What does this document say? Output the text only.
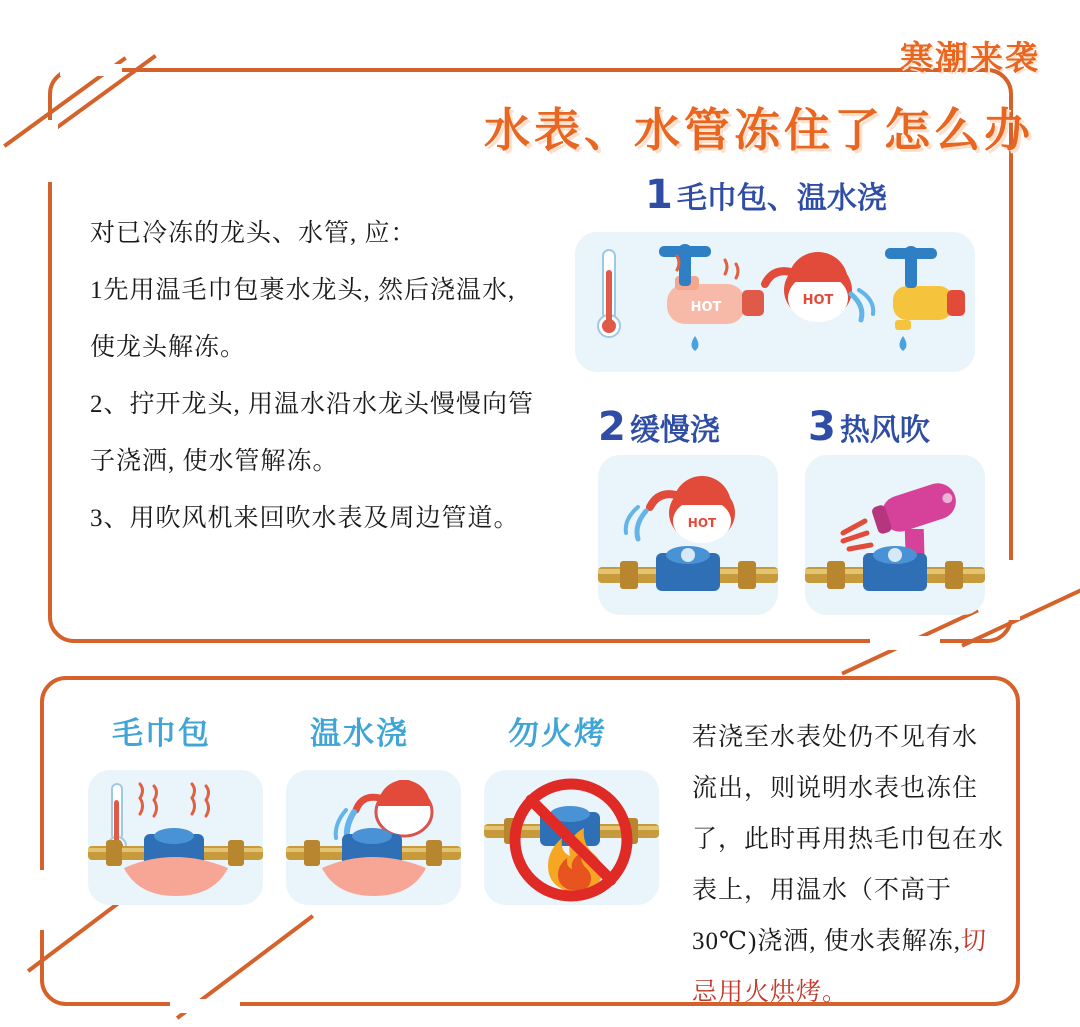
寒潮来袭
水表、水管冻住了怎么办

对已冷冻的龙头、水管, 应：

1先用温毛巾包裹水龙头, 然后浇温水,

使龙头解冻。

2、拧开龙头, 用温水沿水龙头慢慢向管

子浇洒, 使水管解冻。

3、用吹风机来回吹水表及周边管道。

1 毛巾包、温水浇
HOT	HOT
2 缓慢浇
HOT
3 热风吹
毛巾包	温水浇	勿火烤	若浇至水表处仍不见有水
流出，则说明水表也冻住
了，此时再用热毛巾包在水
表上，用温水（不高于
30℃)浇洒, 使水表解冻,切
忌用火烘烤。
